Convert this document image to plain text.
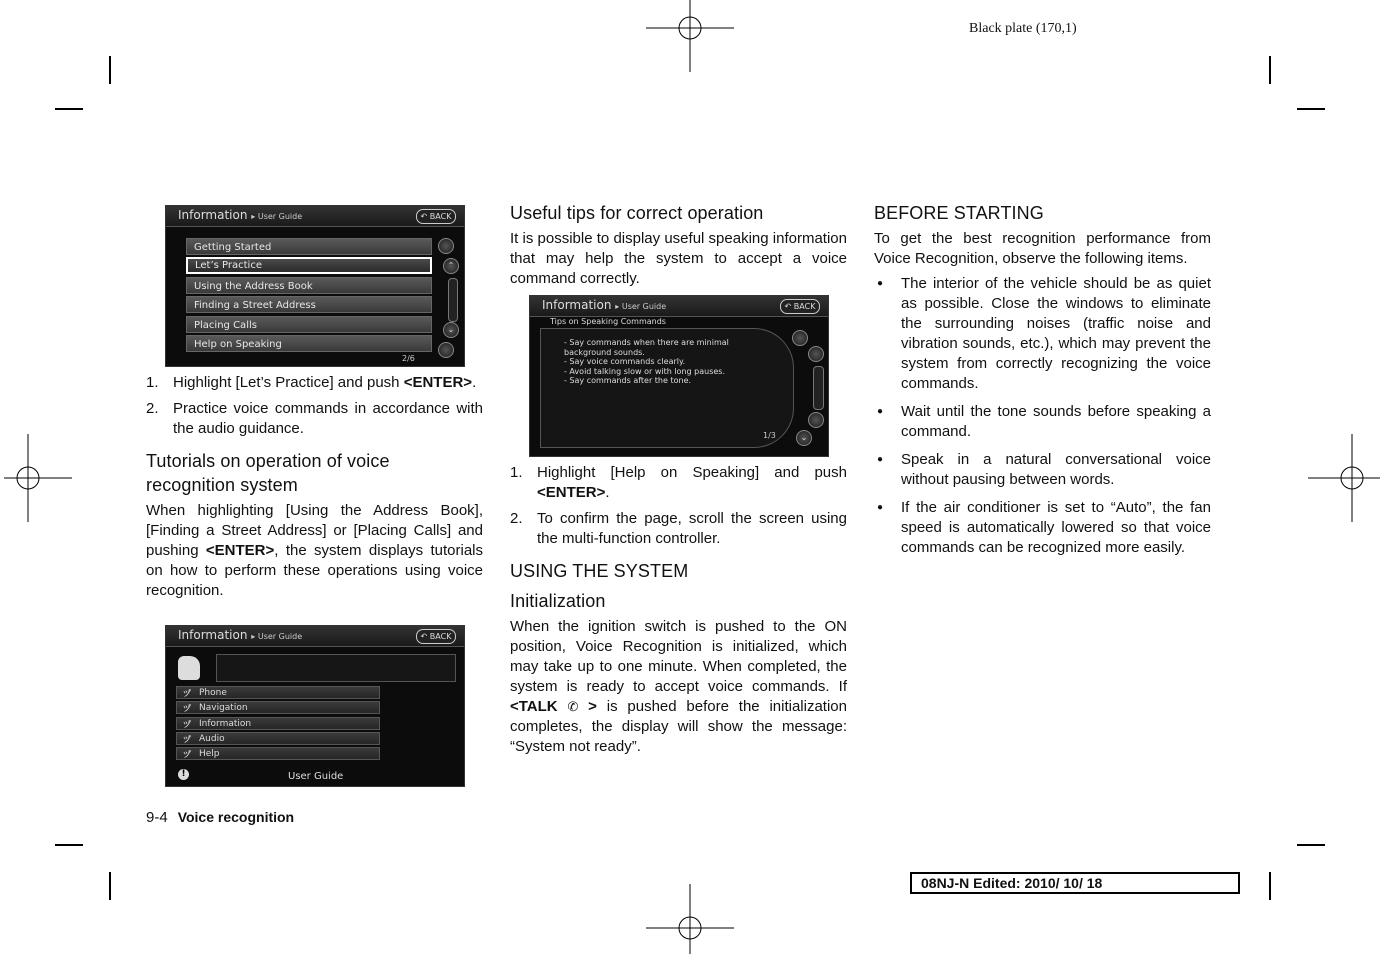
Black plate (170,1)
Information ▸ User Guide	↶ BACK
Getting Started
Let’s Practice
Using the Address Book
Finding a Street Address
Placing Calls
Help on Speaking
⌃
⌄
2/6
1. Highlight [Let’s Practice] and push <ENTER>.
2. Practice voice commands in accordance with the audio guidance.
Tutorials on operation of voice recognition system

When highlighting [Using the Address Book], [Finding a Street Address] or [Placing Calls] and pushing <ENTER>, the system displays tutorials on how to perform these operations using voice recognition.

Information ▸ User Guide	↶ BACK
ヅ Phone
ヅ Navigation
ヅ Information
ヅ Audio
ヅ Help
!	User Guide
Useful tips for correct operation

It is possible to display useful speaking information that may help the system to accept a voice command correctly.

Information ▸ User Guide	↶ BACK
Tips on Speaking Commands
- Say commands when there are minimal
background sounds.
- Say voice commands clearly.
- Avoid talking slow or with long pauses.
- Say commands after the tone.
⌄
1/3
1. Highlight [Help on Speaking] and push <ENTER>.
2. To confirm the page, scroll the screen using the multi-function controller.
USING THE SYSTEM
Initialization

When the ignition switch is pushed to the ON position, Voice Recognition is initialized, which may take up to one minute. When completed, the system is ready to accept voice commands. If <TALK ✆ > is pushed before the initialization completes, the display will show the message: “System not ready”.

BEFORE STARTING

To get the best recognition performance from Voice Recognition, observe the following items.

● The interior of the vehicle should be as quiet as possible. Close the windows to eliminate the surrounding noises (traffic noise and vibration sounds, etc.), which may prevent the system from correctly recognizing the voice commands.
● Wait until the tone sounds before speaking a command.
● Speak in a natural conversational voice without pausing between words.
● If the air conditioner is set to “Auto”, the fan speed is automatically lowered so that voice commands can be recognized more easily.
9-4 Voice recognition
08NJ-N Edited: 2010/ 10/ 18
